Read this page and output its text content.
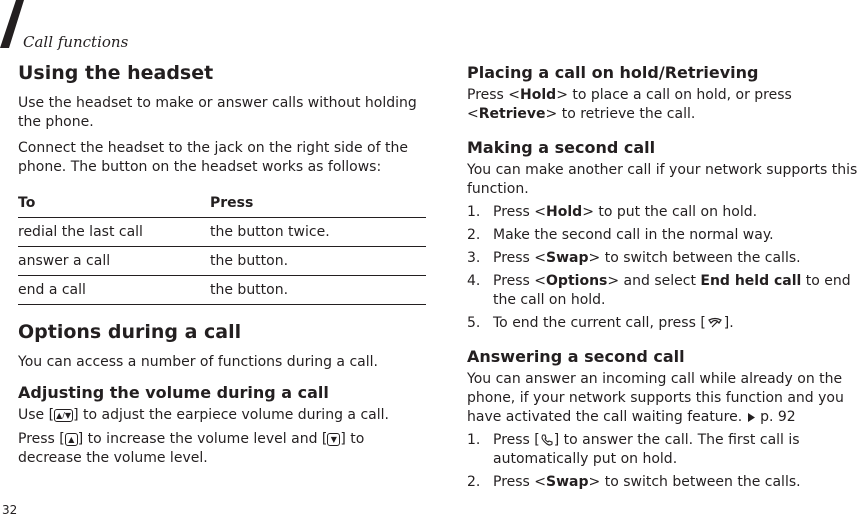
Call functions
32
Using the headset

Use the headset to make or answer calls without holding the phone.

Connect the headset to the jack on the right side of the phone. The button on the headset works as follows:

To	Press
redial the last call	the button twice.
answer a call	the button.
end a call	the button.
Options during a call

You can access a number of functions during a call.

Adjusting the volume during a call

Use [ ▲/▼ ] to adjust the earpiece volume during a call.

Press [ ▲ ] to increase the volume level and [ ▼ ] to decrease the volume level.

Placing a call on hold/Retrieving

Press <Hold> to place a call on hold, or press <Retrieve> to retrieve the call.

Making a second call

You can make another call if your network supports this function.

1. Press <Hold> to put the call on hold.
2. Make the second call in the normal way.
3. Press <Swap> to switch between the calls.
4. Press <Options> and select End held call to end the call on hold.
5. To end the current call, press [ ].
Answering a second call

You can answer an incoming call while already on the phone, if your network supports this function and you have activated the call waiting feature. p. 92

1. Press [ ] to answer the call. The first call is automatically put on hold.
2. Press <Swap> to switch between the calls.
